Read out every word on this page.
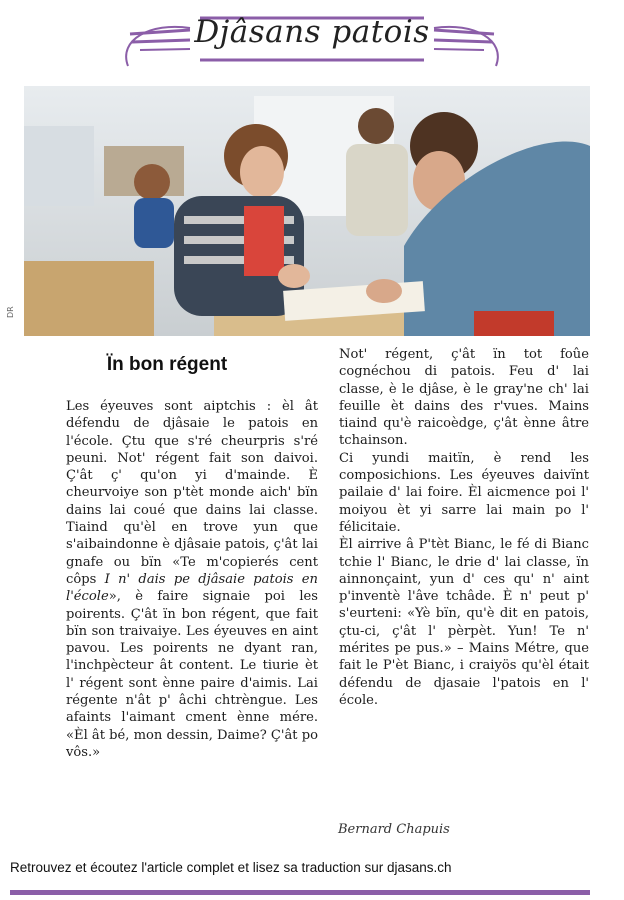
Djâsans patois
DR
Ïn bon régent

Les éyeuves sont aiptchis : èl ât défendu de djâsaie le patois en l'école. Çtu que s'ré cheurpris s'ré peuni. Not' régent fait son daivoi. Ç'ât ç' qu'on yi d'mainde. È cheurvoiye son p'tèt monde aich' bïn dains lai coué que dains lai classe. Tiaind qu'èl en trove yun que s'aibaindonne è djâsaie patois, ç'ât lai gnafe ou bïn «Te m'copierés cent côps I n' dais pe djâsaie patois en l'école», è faire signaie poi les poirents. Ç'ât ïn bon régent, que fait bïn son traivaiye. Les éyeuves en aint pavou. Les poirents ne dyant ran, l'inchpècteur ât content. Le tiurie èt l' régent sont ènne paire d'aimis. Lai régente n'ât p' âchi chtrèngue. Les afaints l'aimant cment ènne mére. «Èl ât bé, mon dessin, Daime? Ç'ât po vôs.»

Not' régent, ç'ât ïn tot foûe cognéchou di patois. Feu d' lai classe, è le djâse, è le gray'ne ch' lai feuille èt dains des r'vues. Mains tiaind qu'è raicoèdge, ç'ât ènne âtre tchainson.

Ci yundi maitïn, è rend les composichions. Les éyeuves daivïnt pailaie d' lai foire. Èl aicmence poi l' moiyou èt yi sarre lai main po l' félicitaie.

Èl airrive â P'tèt Bianc, le fé di Bianc tchie l' Bianc, le drie d' lai classe, ïn ainnonçaint, yun d' ces qu' n' aint p'inventè l'âve tchâde. È n' peut p' s'eurteni: «Yè bïn, qu'è dit en patois, çtu-ci, ç'ât l' pèrpèt. Yun! Te n' mérites pe pus.» – Mains Métre, que fait le P'èt Bianc, i craiyös qu'èl était défendu de djasaie l'patois en l' école.

Bernard Chapuis
Retrouvez et écoutez l'article complet et lisez sa traduction sur djasans.ch
